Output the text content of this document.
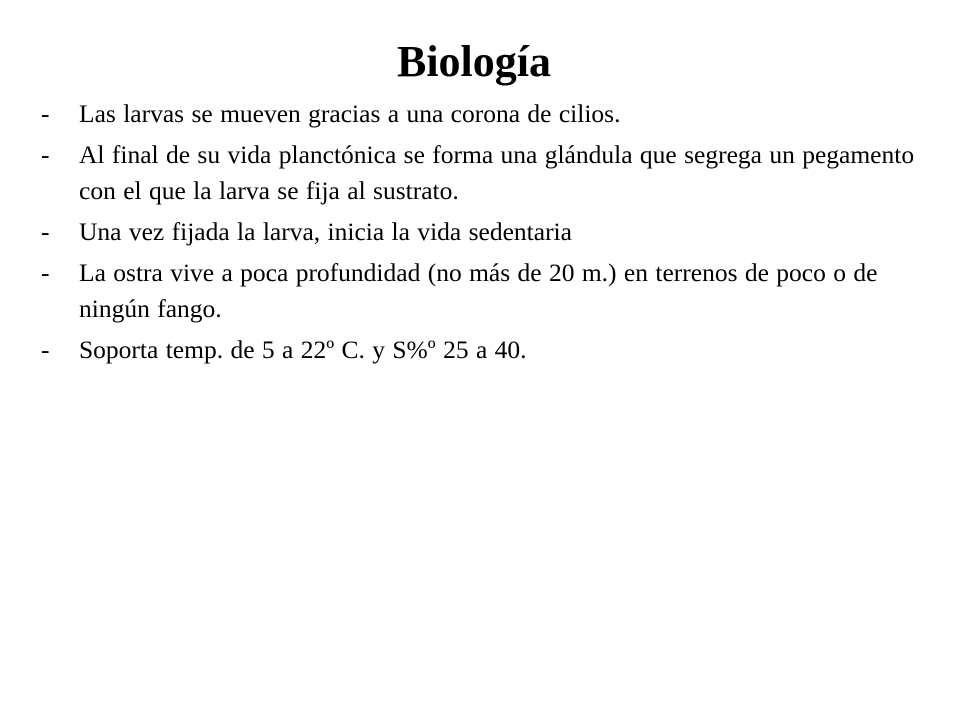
Biología
-	Las larvas se mueven gracias a una corona de cilios.
-	Al final de su vida planctónica se forma una glándula que segrega un pegamento con el que la larva se fija al sustrato.
-	Una vez fijada la larva, inicia la vida sedentaria
-	La ostra vive a poca profundidad (no más de 20 m.) en terrenos de poco o de ningún fango.
-	Soporta temp. de 5 a 22º C. y S%º 25 a 40.
